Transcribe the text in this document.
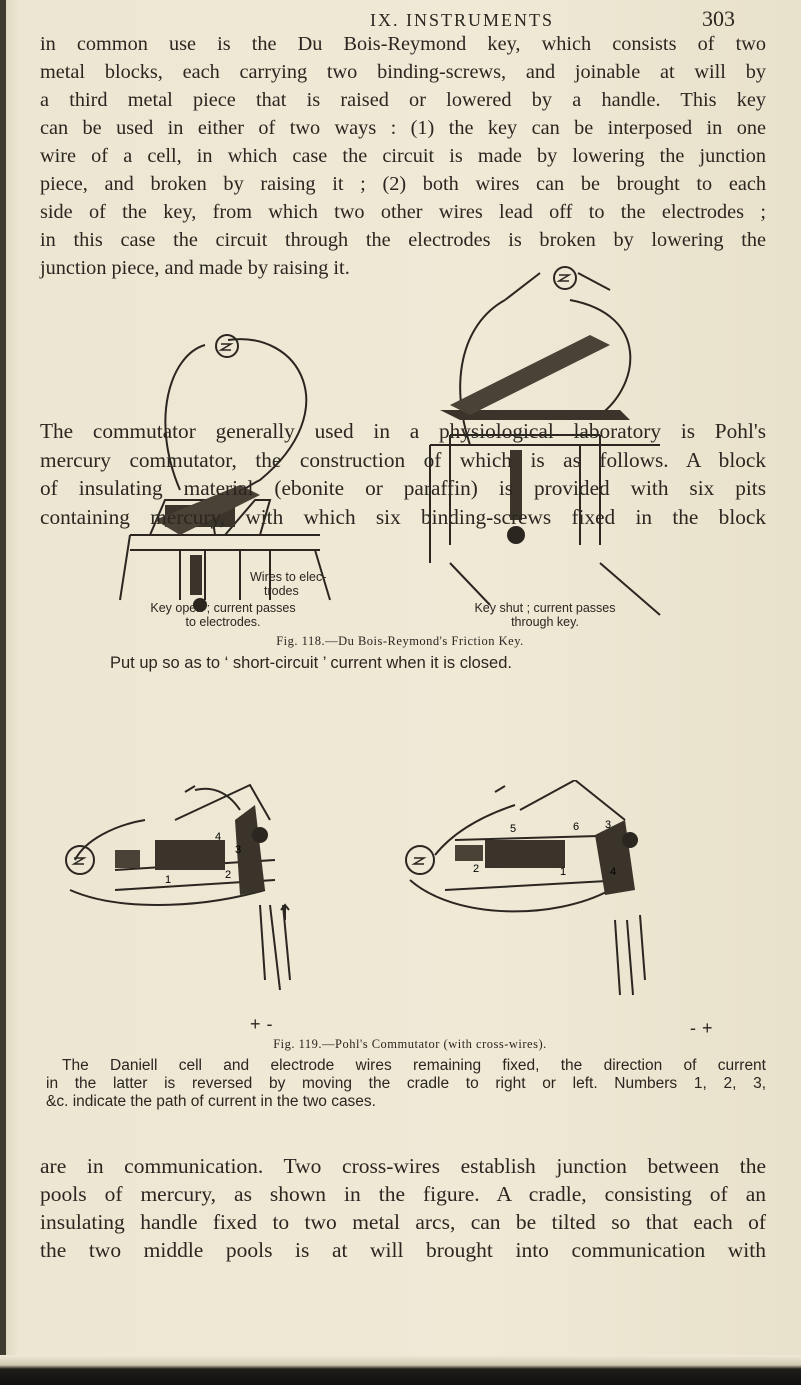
IX. INSTRUMENTS	303
in common use is the Du Bois-Reymond key, which consists of two
metal blocks, each carrying two binding-screws, and joinable at will by
a third metal piece that is raised or lowered by a handle. This key
can be used in either of two ways : (1) the key can be interposed in one
wire of a cell, in which case the circuit is made by lowering the junction
piece, and broken by raising it ; (2) both wires can be brought to each
side of the key, from which two other wires lead off to the electrodes ;
in this case the circuit through the electrodes is broken by lowering the
junction piece, and made by raising it.
Wires to elec-
trodes
Key open ; current passes
to electrodes.
Key shut ; current passes
through key.
Fig. 118.—Du Bois-Reymond's Friction Key.
Put up so as to ‘ short-circuit ’ current when it is closed.
The commutator generally used in a physiological laboratory is Pohl's
mercury commutator, the construction of which is as follows. A block
of insulating material (ebonite or paraffin) is provided with six pits
containing mercury, with which six binding-screws fixed in the block
4
3
1	2
+ -
6
5	3
2	1	4
- +
Fig. 119.—Pohl's Commutator (with cross-wires).
The Daniell cell and electrode wires remaining fixed, the direction of current
in the latter is reversed by moving the cradle to right or left. Numbers 1, 2, 3,
&c. indicate the path of current in the two cases.
are in communication. Two cross-wires establish junction between the
pools of mercury, as shown in the figure. A cradle, consisting of an
insulating handle fixed to two metal arcs, can be tilted so that each of
the two middle pools is at will brought into communication with
